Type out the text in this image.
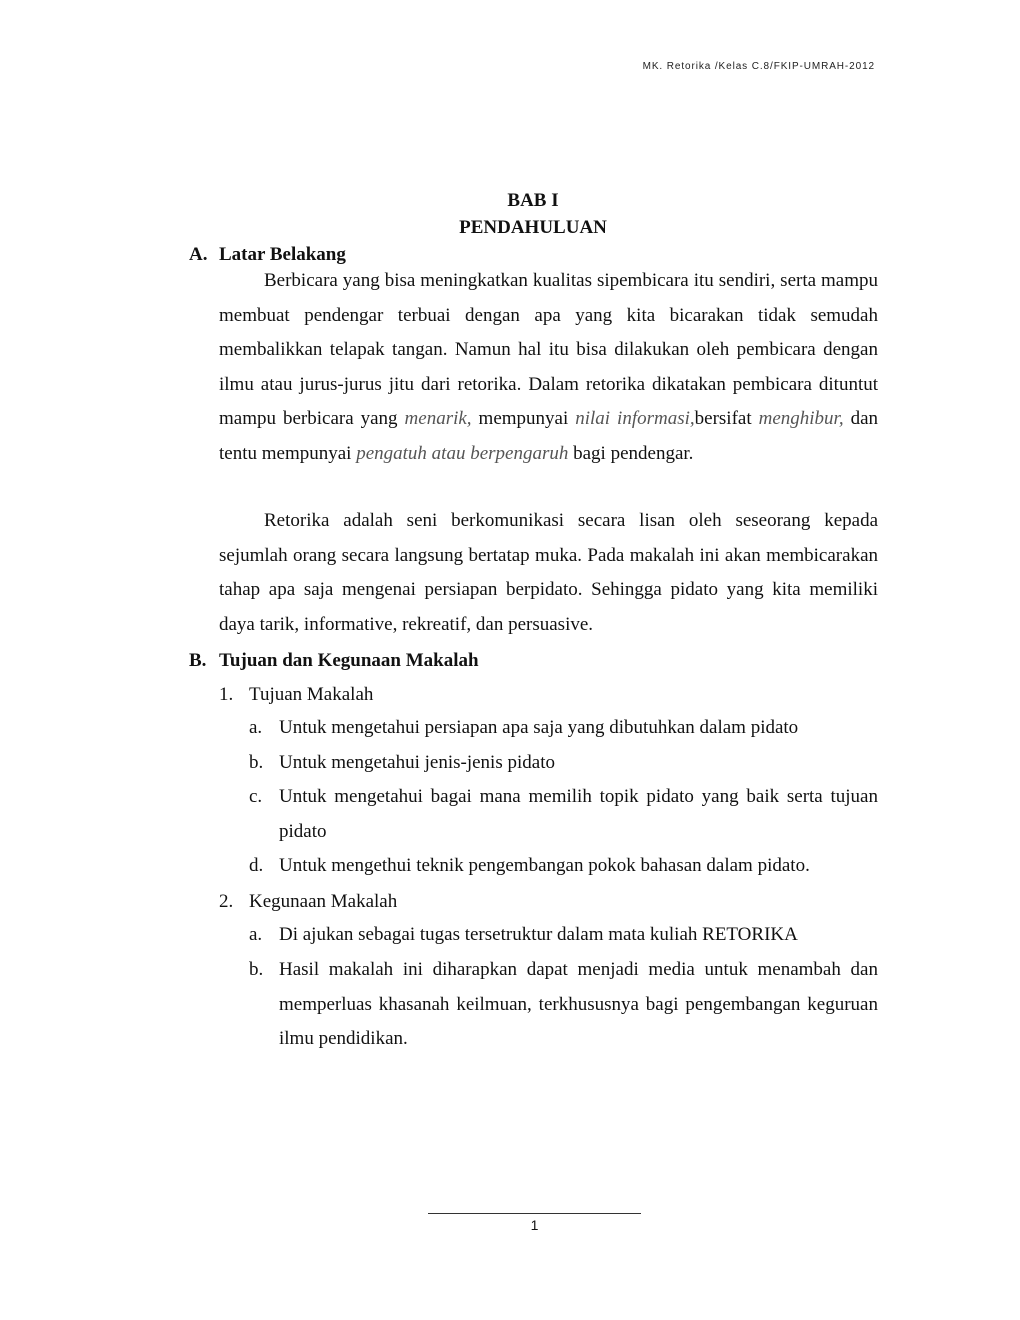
MK. Retorika /Kelas C.8/FKIP-UMRAH-2012
BAB I
PENDAHULUAN
A. Latar Belakang
Berbicara yang bisa meningkatkan kualitas sipembicara itu sendiri, serta mampu membuat pendengar terbuai dengan apa yang kita bicarakan tidak semudah membalikkan telapak tangan. Namun hal itu bisa dilakukan oleh pembicara dengan ilmu atau jurus-jurus jitu dari retorika. Dalam retorika dikatakan pembicara dituntut mampu berbicara yang menarik, mempunyai nilai informasi,bersifat menghibur, dan tentu mempunyai pengatuh atau berpengaruh bagi pendengar.
Retorika adalah seni berkomunikasi secara lisan oleh seseorang kepada sejumlah orang secara langsung bertatap muka. Pada makalah ini akan membicarakan tahap apa saja mengenai persiapan berpidato. Sehingga pidato yang kita memiliki daya tarik, informative, rekreatif, dan persuasive.
B. Tujuan dan Kegunaan Makalah
1. Tujuan Makalah
a. Untuk mengetahui persiapan apa saja yang dibutuhkan dalam pidato
b. Untuk mengetahui jenis-jenis pidato
c. Untuk mengetahui bagai mana memilih topik pidato yang baik serta tujuan pidato
d. Untuk mengethui teknik pengembangan pokok bahasan dalam pidato.
2. Kegunaan Makalah
a. Di ajukan sebagai tugas tersetruktur dalam mata kuliah RETORIKA
b. Hasil makalah ini diharapkan dapat menjadi media untuk menambah dan memperluas khasanah keilmuan, terkhususnya bagi pengembangan keguruan ilmu pendidikan.
1
